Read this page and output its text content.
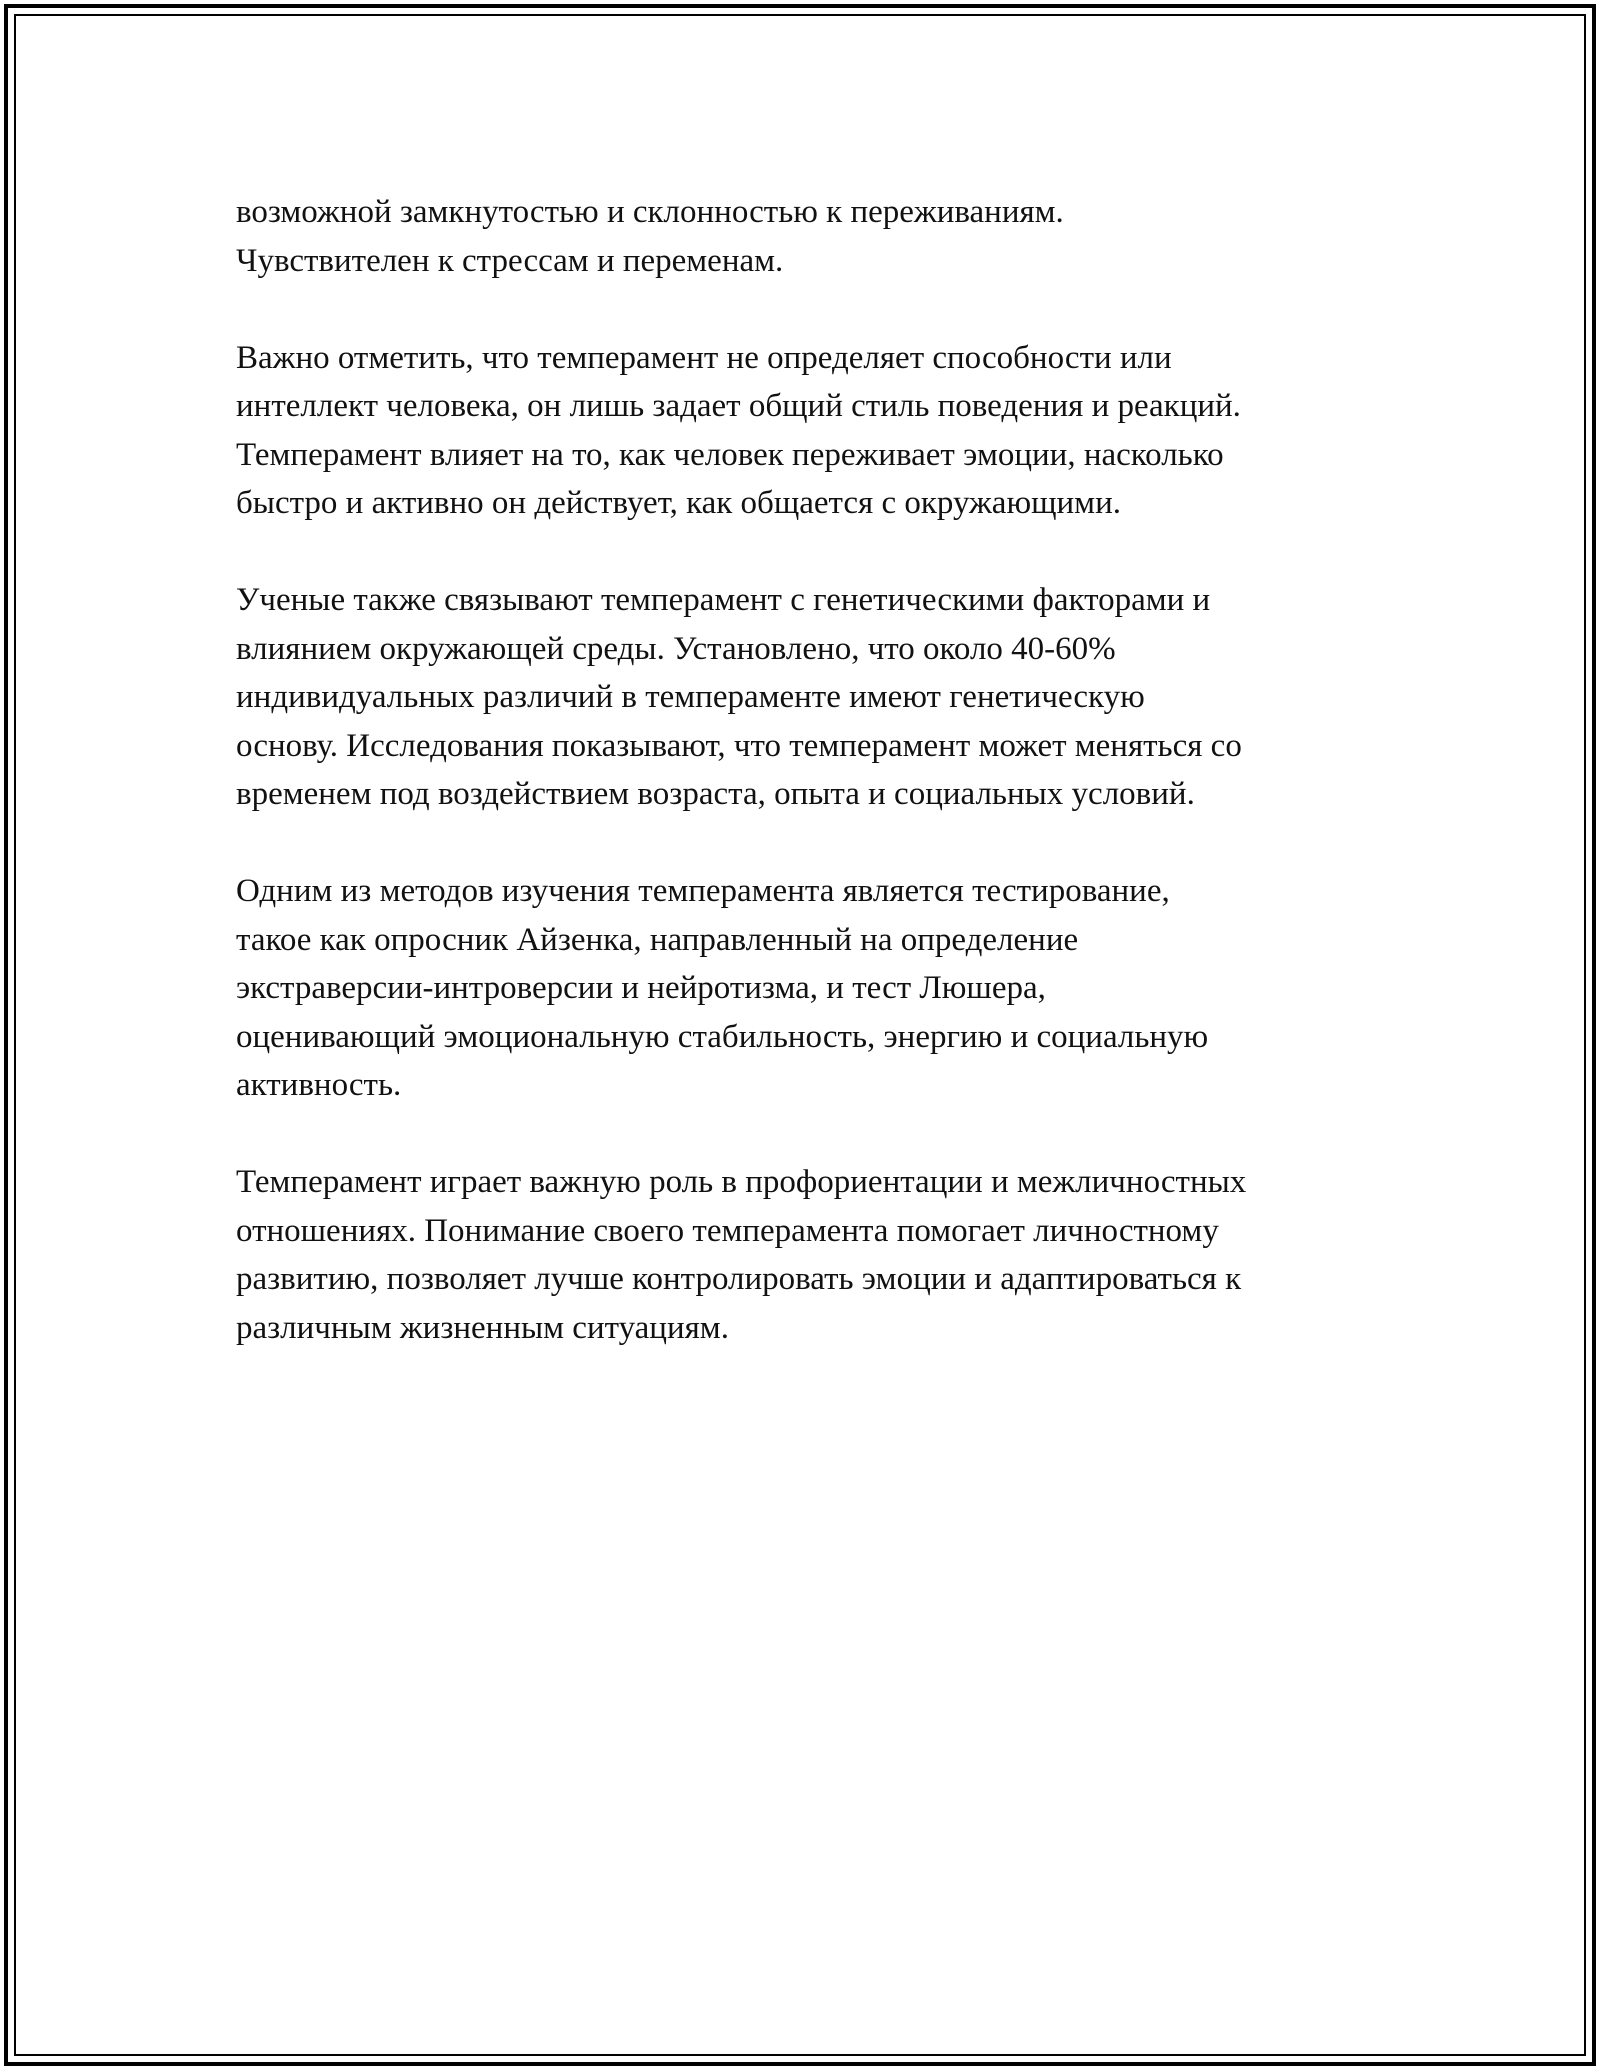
возможной замкнутостью и склонностью к переживаниям.
Чувствителен к стрессам и переменам.

Важно отметить, что темперамент не определяет способности или
интеллект человека, он лишь задает общий стиль поведения и реакций.
Темперамент влияет на то, как человек переживает эмоции, насколько
быстро и активно он действует, как общается с окружающими.

Ученые также связывают темперамент с генетическими факторами и
влиянием окружающей среды. Установлено, что около 40-60%
индивидуальных различий в темпераменте имеют генетическую
основу. Исследования показывают, что темперамент может меняться со
временем под воздействием возраста, опыта и социальных условий.

Одним из методов изучения темперамента является тестирование,
такое как опросник Айзенка, направленный на определение
экстраверсии-интроверсии и нейротизма, и тест Люшера,
оценивающий эмоциональную стабильность, энергию и социальную
активность.

Темперамент играет важную роль в профориентации и межличностных
отношениях. Понимание своего темперамента помогает личностному
развитию, позволяет лучше контролировать эмоции и адаптироваться к
различным жизненным ситуациям.
